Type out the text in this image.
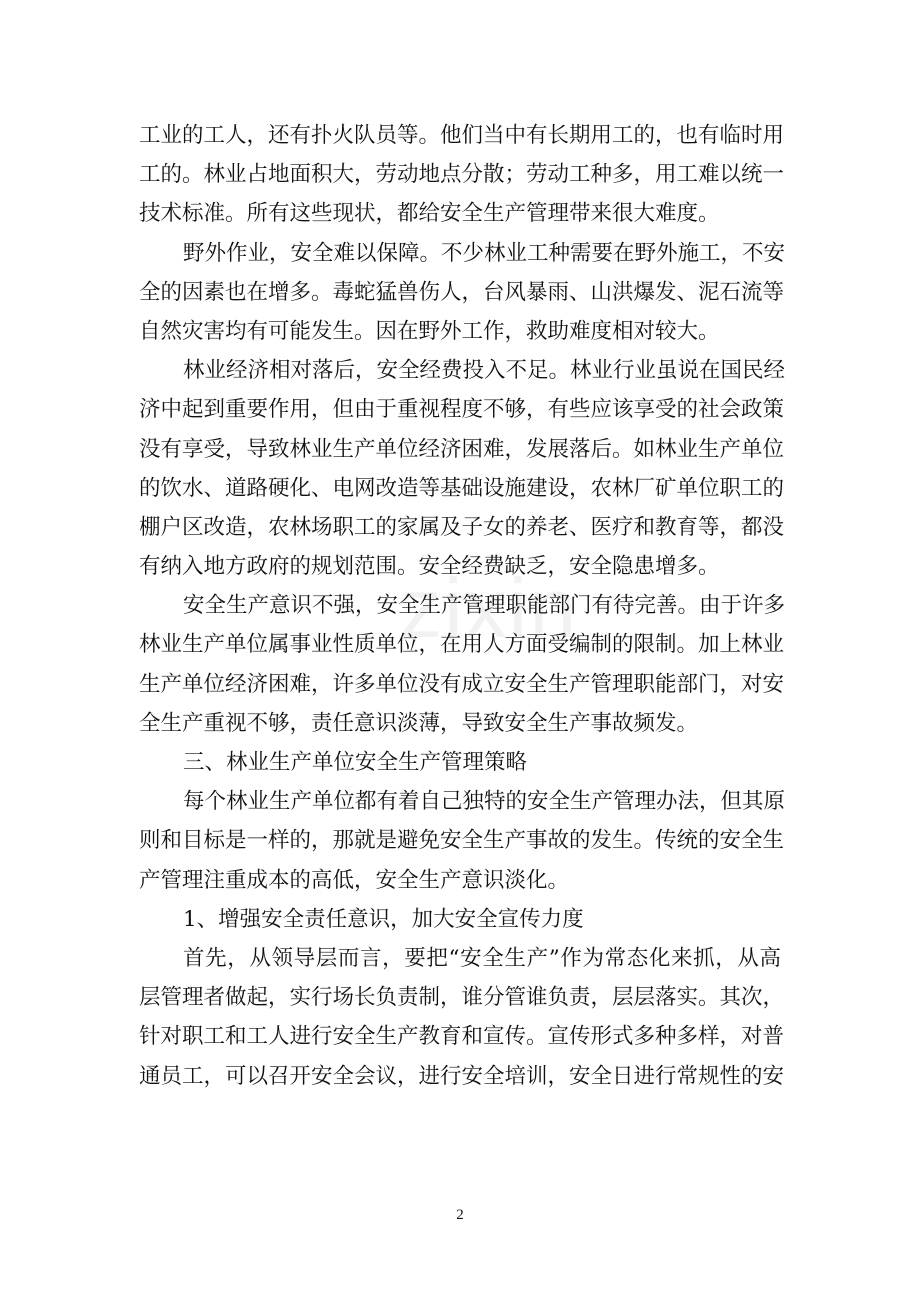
zixin
工业的工人，还有扑火队员等。他们当中有长期用工的，也有临时用
工的。林业占地面积大，劳动地点分散；劳动工种多，用工难以统一
技术标准。所有这些现状，都给安全生产管理带来很大难度。
野外作业，安全难以保障。不少林业工种需要在野外施工，不安
全的因素也在增多。毒蛇猛兽伤人，台风暴雨、山洪爆发、泥石流等
自然灾害均有可能发生。因在野外工作，救助难度相对较大。
林业经济相对落后，安全经费投入不足。林业行业虽说在国民经
济中起到重要作用，但由于重视程度不够，有些应该享受的社会政策
没有享受，导致林业生产单位经济困难，发展落后。如林业生产单位
的饮水、道路硬化、电网改造等基础设施建设，农林厂矿单位职工的
棚户区改造，农林场职工的家属及子女的养老、医疗和教育等，都没
有纳入地方政府的规划范围。安全经费缺乏，安全隐患增多。
安全生产意识不强，安全生产管理职能部门有待完善。由于许多
林业生产单位属事业性质单位，在用人方面受编制的限制。加上林业
生产单位经济困难，许多单位没有成立安全生产管理职能部门，对安
全生产重视不够，责任意识淡薄，导致安全生产事故频发。
三、林业生产单位安全生产管理策略
每个林业生产单位都有着自己独特的安全生产管理办法，但其原
则和目标是一样的，那就是避免安全生产事故的发生。传统的安全生
产管理注重成本的高低，安全生产意识淡化。
1、增强安全责任意识，加大安全宣传力度
首先，从领导层而言，要把“安全生产”作为常态化来抓，从高
层管理者做起，实行场长负责制，谁分管谁负责，层层落实。其次，
针对职工和工人进行安全生产教育和宣传。宣传形式多种多样，对普
通员工，可以召开安全会议，进行安全培训，安全日进行常规性的安
2
